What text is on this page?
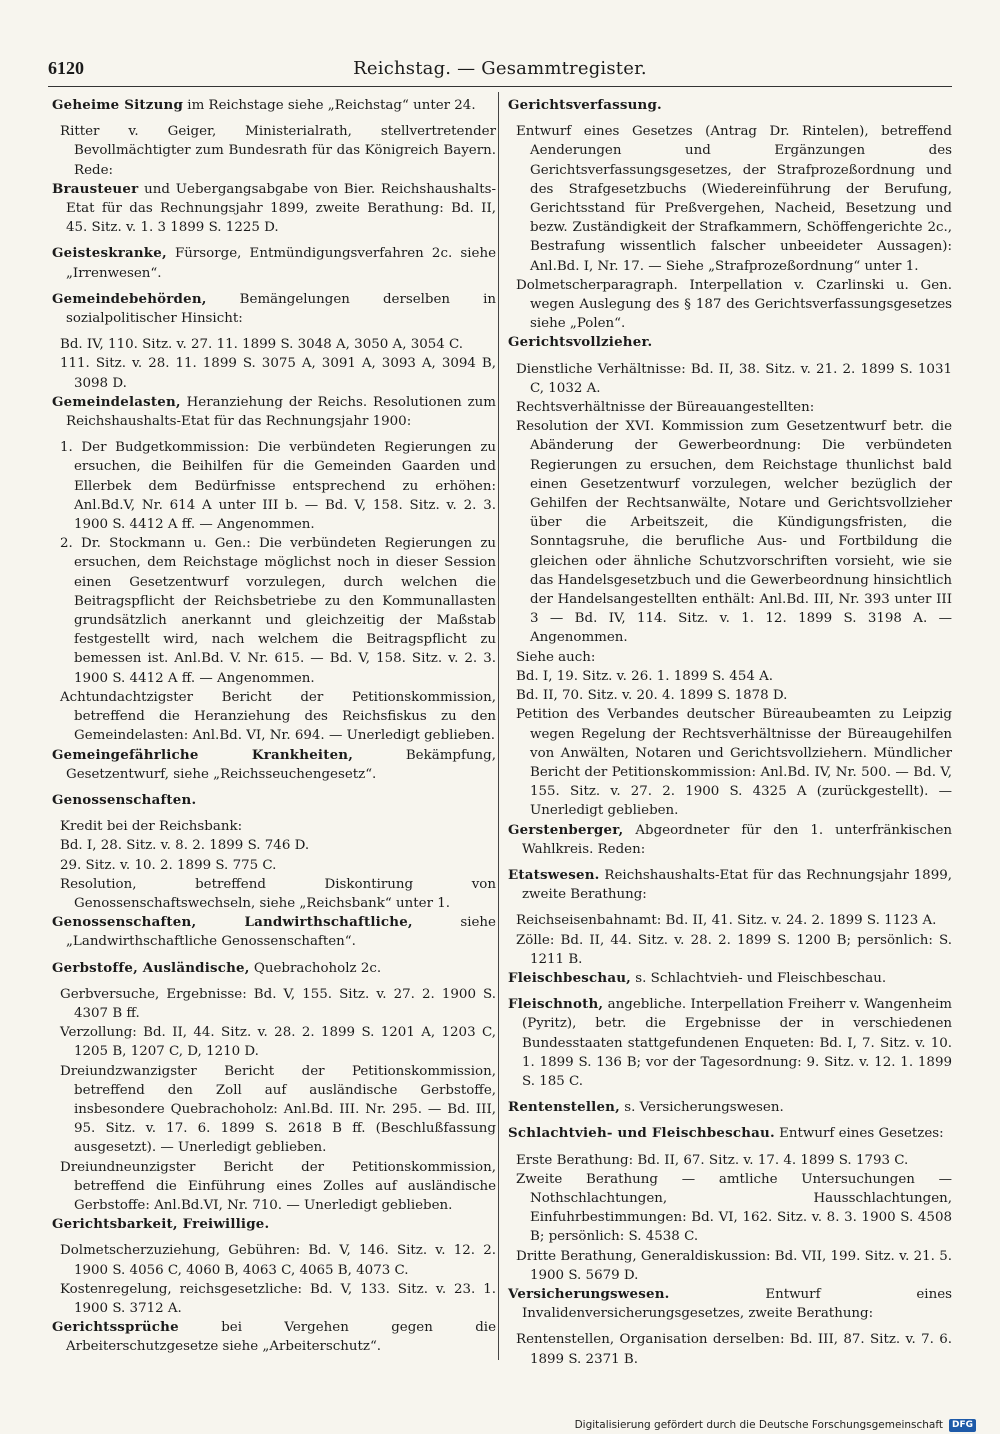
6120	Reichstag. — Gesammtregister.
Geheime Sitzung im Reichstage siehe „Reichstag“ unter 24.
Ritter v. Geiger, Ministerialrath, stellvertretender Bevollmächtigter zum Bundesrath für das Königreich Bayern. Rede:
Brausteuer und Uebergangsabgabe von Bier. Reichshaushalts-Etat für das Rechnungsjahr 1899, zweite Berathung: Bd. II, 45. Sitz. v. 1. 3 1899 S. 1225 D.
Geisteskranke, Fürsorge, Entmündigungsverfahren 2c. siehe „Irrenwesen“.
Gemeindebehörden, Bemängelungen derselben in sozialpolitischer Hinsicht:
Bd. IV, 110. Sitz. v. 27. 11. 1899 S. 3048 A, 3050 A, 3054 C.
111. Sitz. v. 28. 11. 1899 S. 3075 A, 3091 A, 3093 A, 3094 B, 3098 D.
Gemeindelasten, Heranziehung der Reichs. Resolutionen zum Reichshaushalts-Etat für das Rechnungsjahr 1900:
1. Der Budgetkommission: Die verbündeten Regierungen zu ersuchen, die Beihilfen für die Gemeinden Gaarden und Ellerbek dem Bedürfnisse entsprechend zu erhöhen: Anl.Bd.V, Nr. 614 A unter III b. — Bd. V, 158. Sitz. v. 2. 3. 1900 S. 4412 A ff. — Angenommen.
2. Dr. Stockmann u. Gen.: Die verbündeten Regierungen zu ersuchen, dem Reichstage möglichst noch in dieser Session einen Gesetzentwurf vorzulegen, durch welchen die Beitragspflicht der Reichsbetriebe zu den Kommunallasten grundsätzlich anerkannt und gleichzeitig der Maßstab festgestellt wird, nach welchem die Beitragspflicht zu bemessen ist. Anl.Bd. V. Nr. 615. — Bd. V, 158. Sitz. v. 2. 3. 1900 S. 4412 A ff. — Angenommen.
Achtundachtzigster Bericht der Petitionskommission, betreffend die Heranziehung des Reichsfiskus zu den Gemeindelasten: Anl.Bd. VI, Nr. 694. — Unerledigt geblieben.
Gemeingefährliche Krankheiten, Bekämpfung, Gesetzentwurf, siehe „Reichsseuchengesetz“.
Genossenschaften.
Kredit bei der Reichsbank:
Bd. I, 28. Sitz. v. 8. 2. 1899 S. 746 D.
29. Sitz. v. 10. 2. 1899 S. 775 C.
Resolution, betreffend Diskontirung von Genossenschaftswechseln, siehe „Reichsbank“ unter 1.
Genossenschaften, Landwirthschaftliche, siehe „Landwirthschaftliche Genossenschaften“.
Gerbstoffe, Ausländische, Quebrachoholz 2c.
Gerbversuche, Ergebnisse: Bd. V, 155. Sitz. v. 27. 2. 1900 S. 4307 B ff.
Verzollung: Bd. II, 44. Sitz. v. 28. 2. 1899 S. 1201 A, 1203 C, 1205 B, 1207 C, D, 1210 D.
Dreiundzwanzigster Bericht der Petitionskommission, betreffend den Zoll auf ausländische Gerbstoffe, insbesondere Quebrachoholz: Anl.Bd. III. Nr. 295. — Bd. III, 95. Sitz. v. 17. 6. 1899 S. 2618 B ff. (Beschlußfassung ausgesetzt). — Unerledigt geblieben.
Dreiundneunzigster Bericht der Petitionskommission, betreffend die Einführung eines Zolles auf ausländische Gerbstoffe: Anl.Bd.VI, Nr. 710. — Unerledigt geblieben.
Gerichtsbarkeit, Freiwillige.
Dolmetscherzuziehung, Gebühren: Bd. V, 146. Sitz. v. 12. 2. 1900 S. 4056 C, 4060 B, 4063 C, 4065 B, 4073 C.
Kostenregelung, reichsgesetzliche: Bd. V, 133. Sitz. v. 23. 1. 1900 S. 3712 A.
Gerichtssprüche bei Vergehen gegen die Arbeiterschutzgesetze siehe „Arbeiterschutz“.
Gerichtsverfassung.
Entwurf eines Gesetzes (Antrag Dr. Rintelen), betreffend Aenderungen und Ergänzungen des Gerichtsverfassungsgesetzes, der Strafprozeßordnung und des Strafgesetzbuchs (Wiedereinführung der Berufung, Gerichtsstand für Preßvergehen, Nacheid, Besetzung und bezw. Zuständigkeit der Strafkammern, Schöffengerichte 2c., Bestrafung wissentlich falscher unbeeideter Aussagen): Anl.Bd. I, Nr. 17. — Siehe „Strafprozeßordnung“ unter 1.
Dolmetscherparagraph. Interpellation v. Czarlinski u. Gen. wegen Auslegung des § 187 des Gerichtsverfassungsgesetzes siehe „Polen“.
Gerichtsvollzieher.
Dienstliche Verhältnisse: Bd. II, 38. Sitz. v. 21. 2. 1899 S. 1031 C, 1032 A.
Rechtsverhältnisse der Büreauangestellten:
Resolution der XVI. Kommission zum Gesetzentwurf betr. die Abänderung der Gewerbeordnung: Die verbündeten Regierungen zu ersuchen, dem Reichstage thunlichst bald einen Gesetzentwurf vorzulegen, welcher bezüglich der Gehilfen der Rechtsanwälte, Notare und Gerichtsvollzieher über die Arbeitszeit, die Kündigungsfristen, die Sonntagsruhe, die berufliche Aus- und Fortbildung die gleichen oder ähnliche Schutzvorschriften vorsieht, wie sie das Handelsgesetzbuch und die Gewerbeordnung hinsichtlich der Handelsangestellten enthält: Anl.Bd. III, Nr. 393 unter III 3 — Bd. IV, 114. Sitz. v. 1. 12. 1899 S. 3198 A. — Angenommen.
Siehe auch:
Bd. I, 19. Sitz. v. 26. 1. 1899 S. 454 A.
Bd. II, 70. Sitz. v. 20. 4. 1899 S. 1878 D.
Petition des Verbandes deutscher Büreaubeamten zu Leipzig wegen Regelung der Rechtsverhältnisse der Büreaugehilfen von Anwälten, Notaren und Gerichtsvollziehern. Mündlicher Bericht der Petitionskommission: Anl.Bd. IV, Nr. 500. — Bd. V, 155. Sitz. v. 27. 2. 1900 S. 4325 A (zurückgestellt). — Unerledigt geblieben.
Gerstenberger, Abgeordneter für den 1. unterfränkischen Wahlkreis. Reden:
Etatswesen. Reichshaushalts-Etat für das Rechnungsjahr 1899, zweite Berathung:
Reichseisenbahnamt: Bd. II, 41. Sitz. v. 24. 2. 1899 S. 1123 A.
Zölle: Bd. II, 44. Sitz. v. 28. 2. 1899 S. 1200 B; persönlich: S. 1211 B.
Fleischbeschau, s. Schlachtvieh- und Fleischbeschau.
Fleischnoth, angebliche. Interpellation Freiherr v. Wangenheim (Pyritz), betr. die Ergebnisse der in verschiedenen Bundesstaaten stattgefundenen Enqueten: Bd. I, 7. Sitz. v. 10. 1. 1899 S. 136 B; vor der Tagesordnung: 9. Sitz. v. 12. 1. 1899 S. 185 C.
Rentenstellen, s. Versicherungswesen.
Schlachtvieh- und Fleischbeschau. Entwurf eines Gesetzes:
Erste Berathung: Bd. II, 67. Sitz. v. 17. 4. 1899 S. 1793 C.
Zweite Berathung — amtliche Untersuchungen — Nothschlachtungen, Hausschlachtungen, Einfuhrbestimmungen: Bd. VI, 162. Sitz. v. 8. 3. 1900 S. 4508 B; persönlich: S. 4538 C.
Dritte Berathung, Generaldiskussion: Bd. VII, 199. Sitz. v. 21. 5. 1900 S. 5679 D.
Versicherungswesen. Entwurf eines Invalidenversicherungsgesetzes, zweite Berathung:
Rentenstellen, Organisation derselben: Bd. III, 87. Sitz. v. 7. 6. 1899 S. 2371 B.
Digitalisierung gefördert durch die Deutsche Forschungsgemeinschaft	DFG
